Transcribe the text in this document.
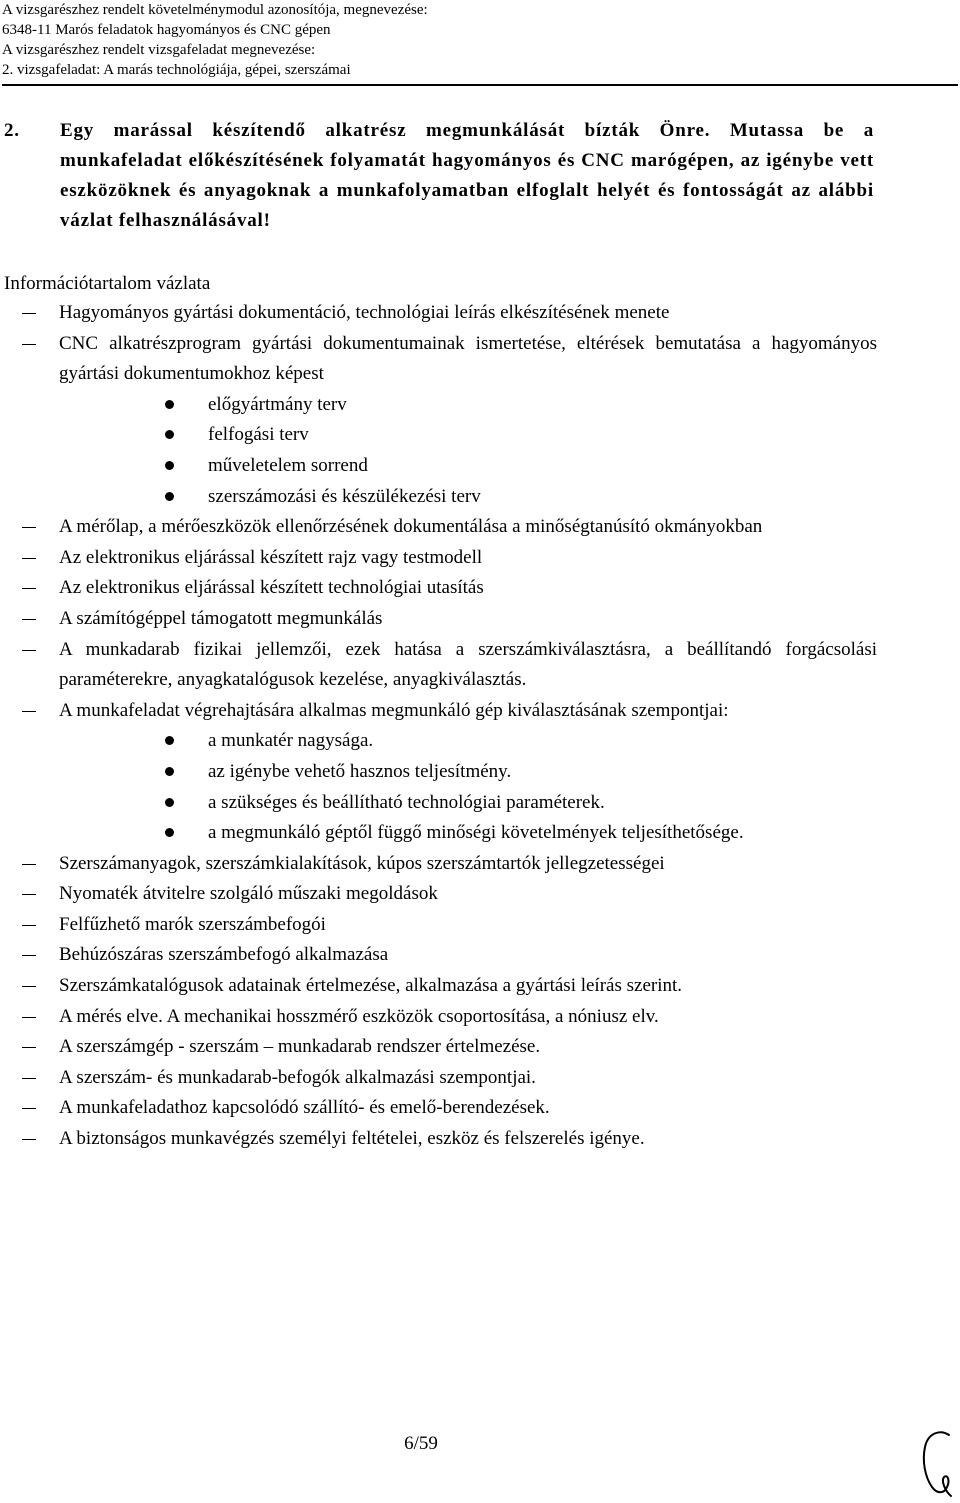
A vizsgarészhez rendelt követelménymodul azonosítója, megnevezése:
6348-11 Marós feladatok hagyományos és CNC gépen
A vizsgarészhez rendelt vizsgafeladat megnevezése:
2. vizsgafeladat: A marás technológiája, gépei, szerszámai
2. Egy marással készítendő alkatrész megmunkálását bízták Önre. Mutassa be a munkafeladat előkészítésének folyamatát hagyományos és CNC marógépen, az igénybe vett eszközöknek és anyagoknak a munkafolyamatban elfoglalt helyét és fontosságát az alábbi vázlat felhasználásával!
Információtartalom vázlata
Hagyományos gyártási dokumentáció, technológiai leírás elkészítésének menete
CNC alkatrészprogram gyártási dokumentumainak ismertetése, eltérések bemutatása a hagyományos gyártási dokumentumokhoz képest
előgyártmány terv
felfogási terv
műveletelem sorrend
szerszámozási és készülékezési terv
A mérőlap, a mérőeszközök ellenőrzésének dokumentálása a minőségtanúsító okmányokban
Az elektronikus eljárással készített rajz vagy testmodell
Az elektronikus eljárással készített technológiai utasítás
A számítógéppel támogatott megmunkálás
A munkadarab fizikai jellemzői, ezek hatása a szerszámkiválasztásra, a beállítandó forgácsolási paraméterekre, anyagkatalógusok kezelése, anyagkiválasztás.
A munkafeladat végrehajtására alkalmas megmunkáló gép kiválasztásának szempontjai:
a munkatér nagysága.
az igénybe vehető hasznos teljesítmény.
a szükséges és beállítható technológiai paraméterek.
a megmunkáló géptől függő minőségi követelmények teljesíthetősége.
Szerszámanyagok, szerszámkialakítások, kúpos szerszámtartók jellegzetességei
Nyomaték átvitelre szolgáló műszaki megoldások
Felfűzhető marók szerszámbefogói
Behúzószáras szerszámbefogó alkalmazása
Szerszámkatalógusok adatainak értelmezése, alkalmazása a gyártási leírás szerint.
A mérés elve. A mechanikai hosszmérő eszközök csoportosítása, a nóniusz elv.
A szerszámgép - szerszám – munkadarab rendszer értelmezése.
A szerszám- és munkadarab-befogók alkalmazási szempontjai.
A munkafeladathoz kapcsolódó szállító- és emelő-berendezések.
A biztonságos munkavégzés személyi feltételei, eszköz és felszerelés igénye.
6/59
